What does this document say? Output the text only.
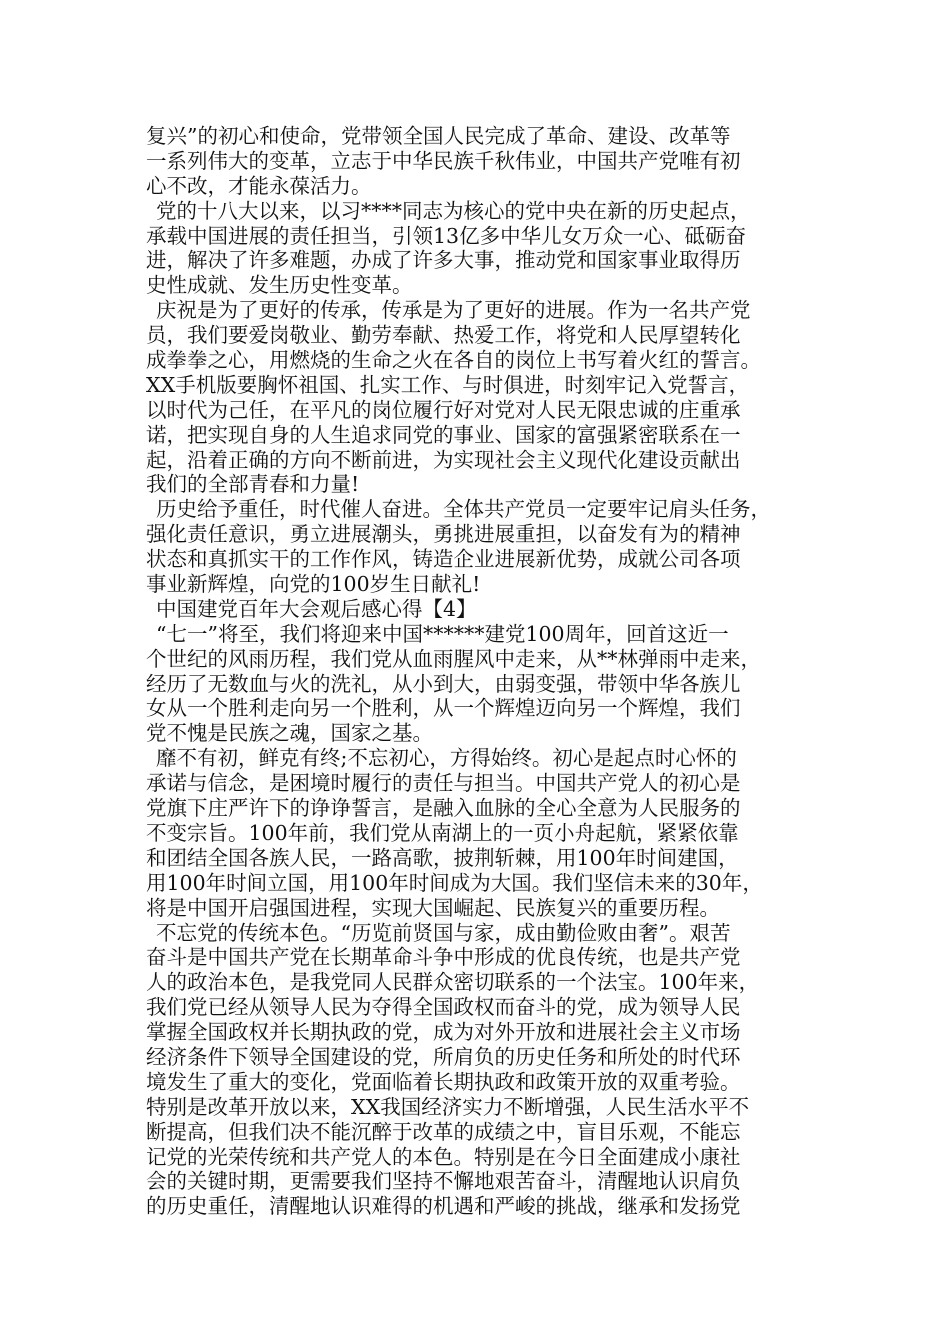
复兴”的初心和使命，党带领全国人民完成了革命、建设、改革等
一系列伟大的变革，立志于中华民族千秋伟业，中国共产党唯有初
心不改，才能永葆活力。
党的十八大以来，以习****同志为核心的党中央在新的历史起点，
承载中国进展的责任担当，引领13亿多中华儿女万众一心、砥砺奋
进，解决了许多难题，办成了许多大事，推动党和国家事业取得历
史性成就、发生历史性变革。
庆祝是为了更好的传承，传承是为了更好的进展。作为一名共产党
员，我们要爱岗敬业、勤劳奉献、热爱工作，将党和人民厚望转化
成拳拳之心，用燃烧的生命之火在各自的岗位上书写着火红的誓言。
XX手机版要胸怀祖国、扎实工作、与时俱进，时刻牢记入党誓言，
以时代为己任，在平凡的岗位履行好对党对人民无限忠诚的庄重承
诺，把实现自身的人生追求同党的事业、国家的富强紧密联系在一
起，沿着正确的方向不断前进，为实现社会主义现代化建设贡献出
我们的全部青春和力量!
历史给予重任，时代催人奋进。全体共产党员一定要牢记肩头任务，
强化责任意识，勇立进展潮头，勇挑进展重担，以奋发有为的精神
状态和真抓实干的工作作风，铸造企业进展新优势，成就公司各项
事业新辉煌，向党的100岁生日献礼!
中国建党百年大会观后感心得【4】
“七一”将至，我们将迎来中国******建党100周年，回首这近一
个世纪的风雨历程，我们党从血雨腥风中走来，从**林弹雨中走来，
经历了无数血与火的洗礼，从小到大，由弱变强，带领中华各族儿
女从一个胜利走向另一个胜利，从一个辉煌迈向另一个辉煌，我们
党不愧是民族之魂，国家之基。
靡不有初，鲜克有终;不忘初心，方得始终。初心是起点时心怀的
承诺与信念，是困境时履行的责任与担当。中国共产党人的初心是
党旗下庄严许下的诤诤誓言，是融入血脉的全心全意为人民服务的
不变宗旨。100年前，我们党从南湖上的一页小舟起航，紧紧依靠
和团结全国各族人民，一路高歌，披荆斩棘，用100年时间建国，
用100年时间立国，用100年时间成为大国。我们坚信未来的30年，
将是中国开启强国进程，实现大国崛起、民族复兴的重要历程。
不忘党的传统本色。“历览前贤国与家，成由勤俭败由奢”。艰苦
奋斗是中国共产党在长期革命斗争中形成的优良传统，也是共产党
人的政治本色，是我党同人民群众密切联系的一个法宝。100年来，
我们党已经从领导人民为夺得全国政权而奋斗的党，成为领导人民
掌握全国政权并长期执政的党，成为对外开放和进展社会主义市场
经济条件下领导全国建设的党，所肩负的历史任务和所处的时代环
境发生了重大的变化，党面临着长期执政和政策开放的双重考验。
特别是改革开放以来，XX我国经济实力不断增强，人民生活水平不
断提高，但我们决不能沉醉于改革的成绩之中，盲目乐观，不能忘
记党的光荣传统和共产党人的本色。特别是在今日全面建成小康社
会的关键时期，更需要我们坚持不懈地艰苦奋斗，清醒地认识肩负
的历史重任，清醒地认识难得的机遇和严峻的挑战，继承和发扬党
